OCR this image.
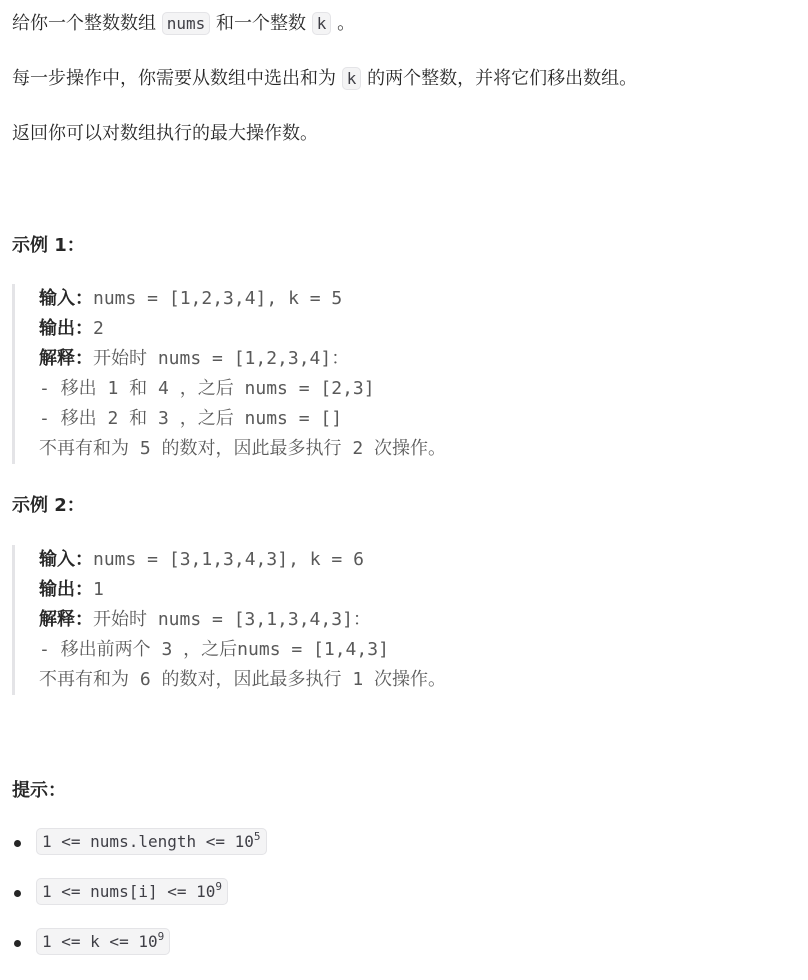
给你一个整数数组 nums 和一个整数 k 。

每一步操作中，你需要从数组中选出和为 k 的两个整数，并将它们移出数组。

返回你可以对数组执行的最大操作数。

示例 1：
输入：nums = [1,2,3,4], k = 5
输出：2
解释：开始时 nums = [1,2,3,4]：
- 移出 1 和 4 ，之后 nums = [2,3]
- 移出 2 和 3 ，之后 nums = []
不再有和为 5 的数对，因此最多执行 2 次操作。
示例 2：
输入：nums = [3,1,3,4,3], k = 6
输出：1
解释：开始时 nums = [3,1,3,4,3]：
- 移出前两个 3 ，之后nums = [1,4,3]
不再有和为 6 的数对，因此最多执行 1 次操作。
提示：
1 <= nums.length <= $10^5$
1 <= nums[i] <= $10^9$
$1 <= k <= 10^9$
